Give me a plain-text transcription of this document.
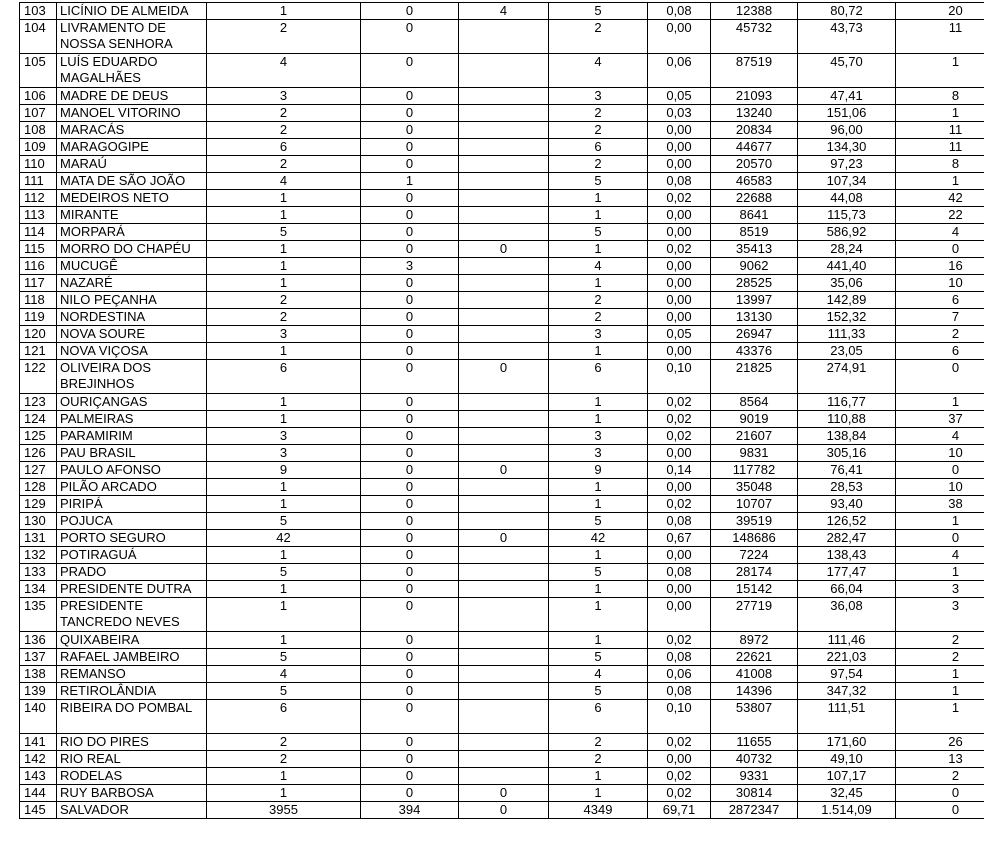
103	LICÍNIO DE ALMEIDA	1	0	4	5	0,08	12388	80,72	20
104	LIVRAMENTO DE NOSSA SENHORA	2	0		2	0,00	45732	43,73	11
105	LUÍS EDUARDO MAGALHÃES	4	0		4	0,06	87519	45,70	1
106	MADRE DE DEUS	3	0		3	0,05	21093	47,41	8
107	MANOEL VITORINO	2	0		2	0,03	13240	151,06	1
108	MARACÁS	2	0		2	0,00	20834	96,00	11
109	MARAGOGIPE	6	0		6	0,00	44677	134,30	11
110	MARAÚ	2	0		2	0,00	20570	97,23	8
111	MATA DE SÃO JOÃO	4	1		5	0,08	46583	107,34	1
112	MEDEIROS NETO	1	0		1	0,02	22688	44,08	42
113	MIRANTE	1	0		1	0,00	8641	115,73	22
114	MORPARÁ	5	0		5	0,00	8519	586,92	4
115	MORRO DO CHAPÉU	1	0	0	1	0,02	35413	28,24	0
116	MUCUGÊ	1	3		4	0,00	9062	441,40	16
117	NAZARÉ	1	0		1	0,00	28525	35,06	10
118	NILO PEÇANHA	2	0		2	0,00	13997	142,89	6
119	NORDESTINA	2	0		2	0,00	13130	152,32	7
120	NOVA SOURE	3	0		3	0,05	26947	111,33	2
121	NOVA VIÇOSA	1	0		1	0,00	43376	23,05	6
122	OLIVEIRA DOS BREJINHOS	6	0	0	6	0,10	21825	274,91	0
123	OURIÇANGAS	1	0		1	0,02	8564	116,77	1
124	PALMEIRAS	1	0		1	0,02	9019	110,88	37
125	PARAMIRIM	3	0		3	0,02	21607	138,84	4
126	PAU BRASIL	3	0		3	0,00	9831	305,16	10
127	PAULO AFONSO	9	0	0	9	0,14	117782	76,41	0
128	PILÃO ARCADO	1	0		1	0,00	35048	28,53	10
129	PIRIPÁ	1	0		1	0,02	10707	93,40	38
130	POJUCA	5	0		5	0,08	39519	126,52	1
131	PORTO SEGURO	42	0	0	42	0,67	148686	282,47	0
132	POTIRAGUÁ	1	0		1	0,00	7224	138,43	4
133	PRADO	5	0		5	0,08	28174	177,47	1
134	PRESIDENTE DUTRA	1	0		1	0,00	15142	66,04	3
135	PRESIDENTE TANCREDO NEVES	1	0		1	0,00	27719	36,08	3
136	QUIXABEIRA	1	0		1	0,02	8972	111,46	2
137	RAFAEL JAMBEIRO	5	0		5	0,08	22621	221,03	2
138	REMANSO	4	0		4	0,06	41008	97,54	1
139	RETIROLÂNDIA	5	0		5	0,08	14396	347,32	1
140	RIBEIRA DO POMBAL	6	0		6	0,10	53807	111,51	1
141	RIO DO PIRES	2	0		2	0,02	11655	171,60	26
142	RIO REAL	2	0		2	0,00	40732	49,10	13
143	RODELAS	1	0		1	0,02	9331	107,17	2
144	RUY BARBOSA	1	0	0	1	0,02	30814	32,45	0
145	SALVADOR	3955	394	0	4349	69,71	2872347	1.514,09	0
